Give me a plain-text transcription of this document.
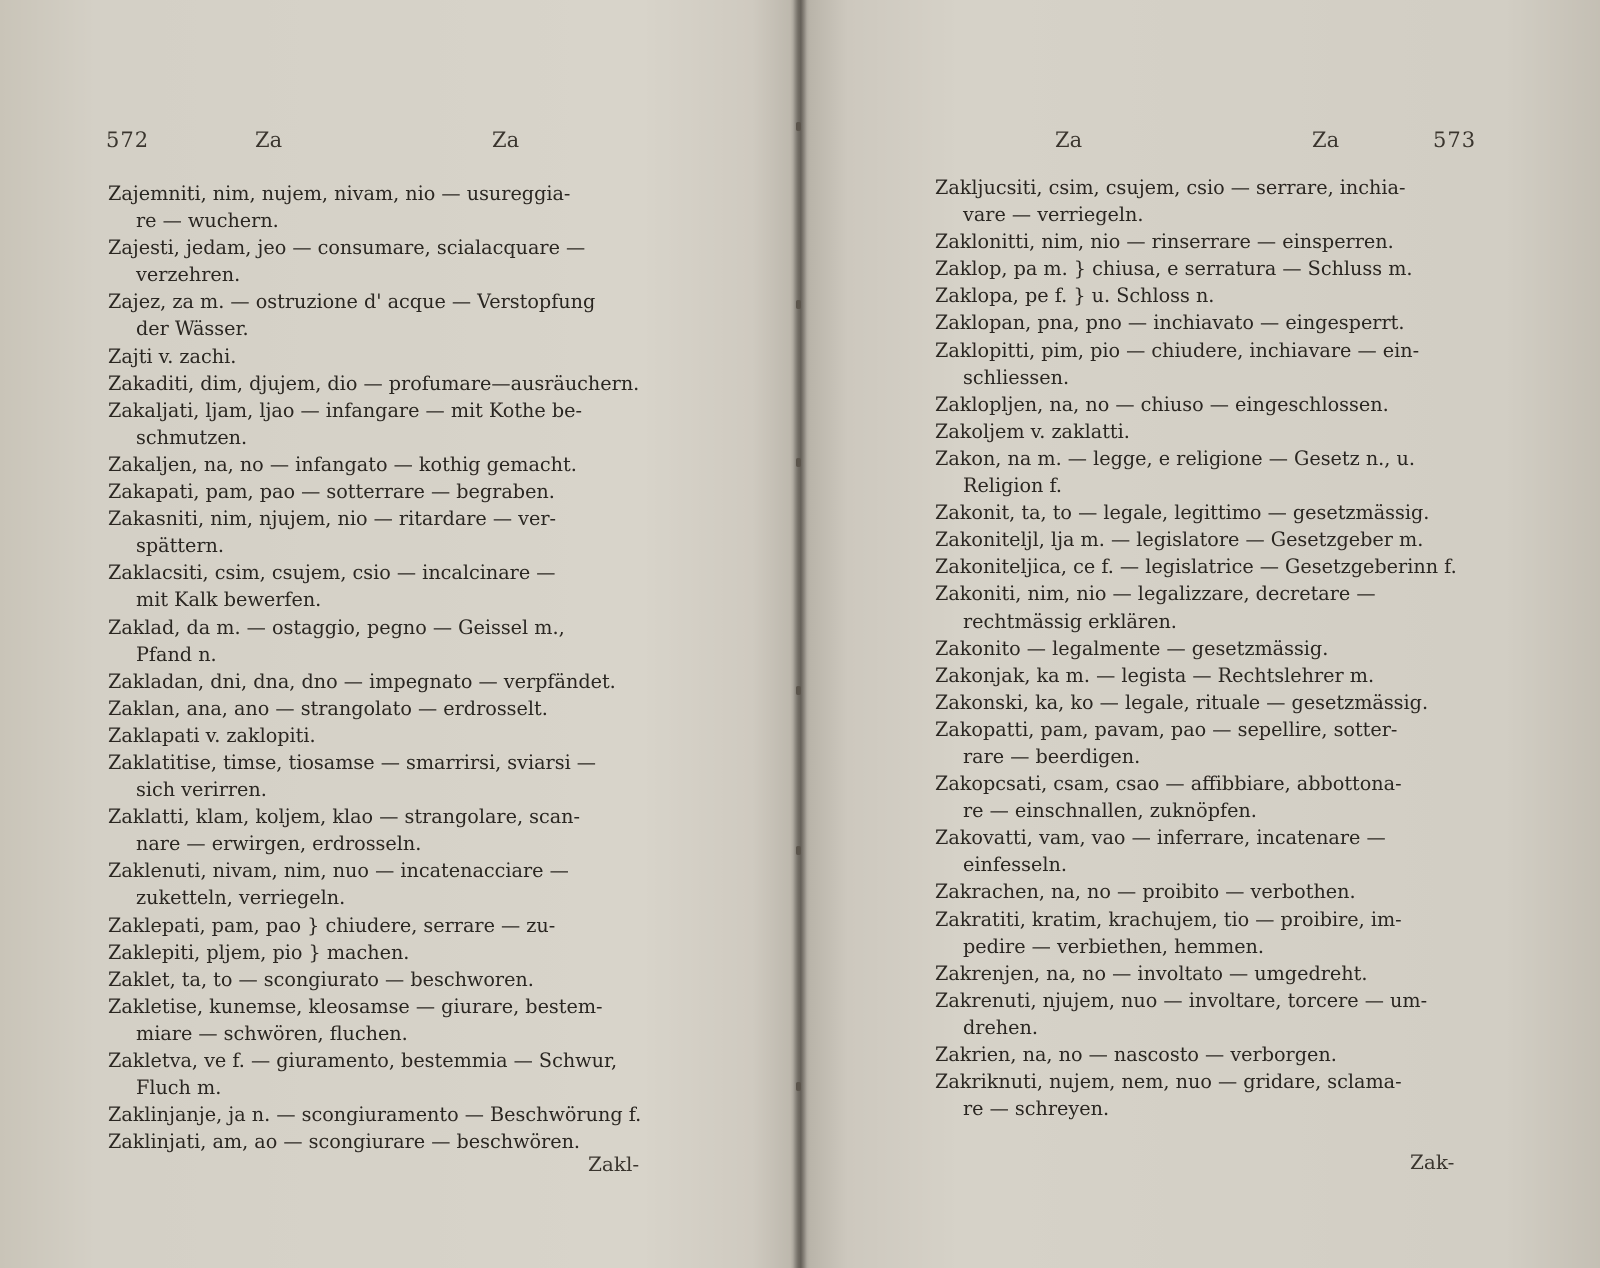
572	Za	Za
Zajemniti, nim, nujem, nivam, nio — usureggia-
re — wuchern.
Zajesti, jedam, jeo — consumare, scialacquare —
verzehren.
Zajez, za m. — ostruzione d' acque — Verstopfung
der Wässer.
Zajti v. zachi.
Zakaditi, dim, djujem, dio — profumare—ausräuchern.
Zakaljati, ljam, ljao — infangare — mit Kothe be-
schmutzen.
Zakaljen, na, no — infangato — kothig gemacht.
Zakapati, pam, pao — sotterrare — begraben.
Zakasniti, nim, njujem, nio — ritardare — ver-
spättern.
Zaklacsiti, csim, csujem, csio — incalcinare —
mit Kalk bewerfen.
Zaklad, da m. — ostaggio, pegno — Geissel m.,
Pfand n.
Zakladan, dni, dna, dno — impegnato — verpfändet.
Zaklan, ana, ano — strangolato — erdrosselt.
Zaklapati v. zaklopiti.
Zaklatitise, timse, tiosamse — smarrirsi, sviarsi —
sich verirren.
Zaklatti, klam, koljem, klao — strangolare, scan-
nare — erwirgen, erdrosseln.
Zaklenuti, nivam, nim, nuo — incatenacciare —
zuketteln, verriegeln.
Zaklepati, pam, pao } chiudere, serrare — zu-
Zaklepiti, pljem, pio } machen.
Zaklet, ta, to — scongiurato — beschworen.
Zakletise, kunemse, kleosamse — giurare, bestem-
miare — schwören, fluchen.
Zakletva, ve f. — giuramento, bestemmia — Schwur,
Fluch m.
Zaklinjanje, ja n. — scongiuramento — Beschwörung f.
Zaklinjati, am, ao — scongiurare — beschwören.
Zakl-
Za	Za	573
Zakljucsiti, csim, csujem, csio — serrare, inchia-
vare — verriegeln.
Zaklonitti, nim, nio — rinserrare — einsperren.
Zaklop, pa m. } chiusa, e serratura — Schluss m.
Zaklopa, pe f. } u. Schloss n.
Zaklopan, pna, pno — inchiavato — eingesperrt.
Zaklopitti, pim, pio — chiudere, inchiavare — ein-
schliessen.
Zaklopljen, na, no — chiuso — eingeschlossen.
Zakoljem v. zaklatti.
Zakon, na m. — legge, e religione — Gesetz n., u.
Religion f.
Zakonit, ta, to — legale, legittimo — gesetzmässig.
Zakoniteljl, lja m. — legislatore — Gesetzgeber m.
Zakoniteljica, ce f. — legislatrice — Gesetzgeberinn f.
Zakoniti, nim, nio — legalizzare, decretare —
rechtmässig erklären.
Zakonito — legalmente — gesetzmässig.
Zakonjak, ka m. — legista — Rechtslehrer m.
Zakonski, ka, ko — legale, rituale — gesetzmässig.
Zakopatti, pam, pavam, pao — sepellire, sotter-
rare — beerdigen.
Zakopcsati, csam, csao — affibbiare, abbottona-
re — einschnallen, zuknöpfen.
Zakovatti, vam, vao — inferrare, incatenare —
einfesseln.
Zakrachen, na, no — proibito — verbothen.
Zakratiti, kratim, krachujem, tio — proibire, im-
pedire — verbiethen, hemmen.
Zakrenjen, na, no — involtato — umgedreht.
Zakrenuti, njujem, nuo — involtare, torcere — um-
drehen.
Zakrien, na, no — nascosto — verborgen.
Zakriknuti, nujem, nem, nuo — gridare, sclama-
re — schreyen.
Zak-
